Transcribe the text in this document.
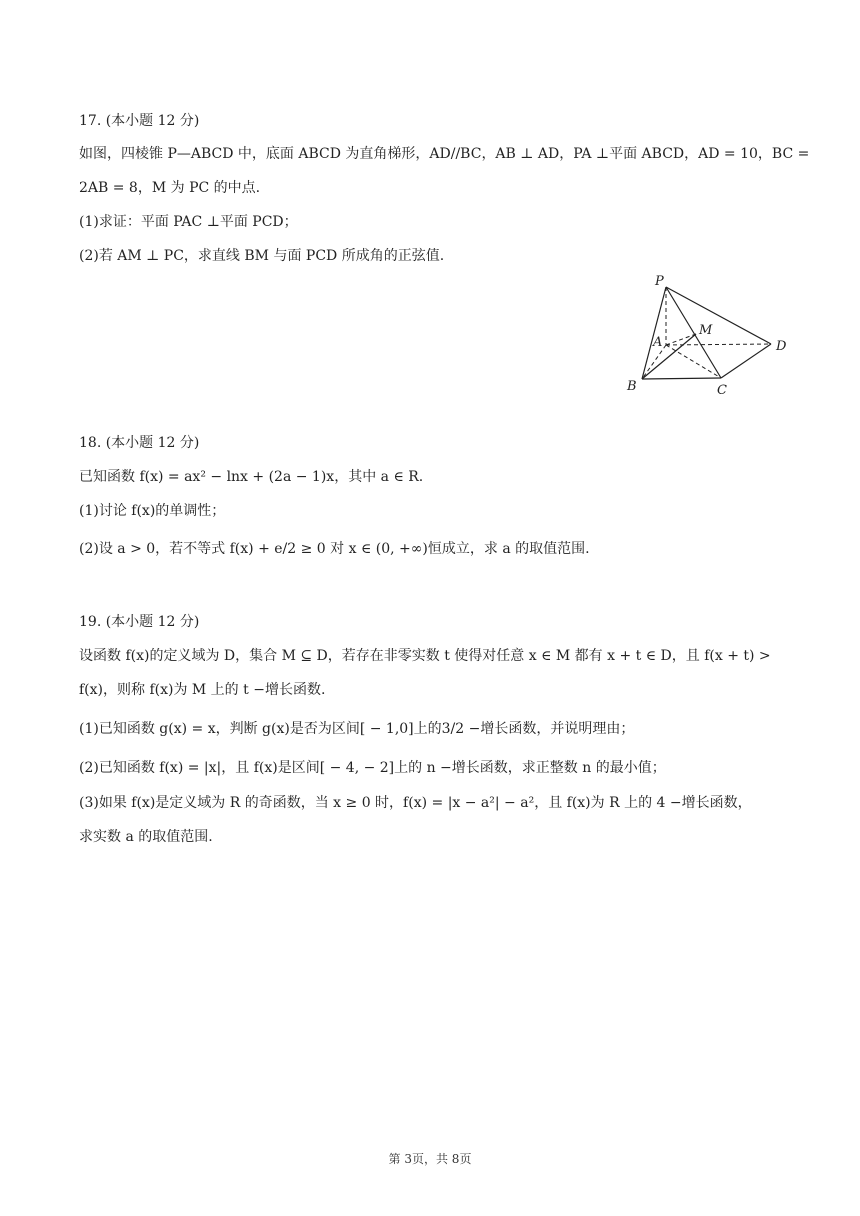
17. (本小题 12 分)
如图，四棱锥 P—ABCD 中，底面 ABCD 为直角梯形，AD//BC，AB ⊥ AD，PA ⊥平面 ABCD，AD = 10，BC =
2AB = 8，M 为 PC 的中点.
(1)求证：平面 PAC ⊥平面 PCD；
(2)若 AM ⊥ PC，求直线 BM 与面 PCD 所成角的正弦值.
P
A
M
D
B	C
18. (本小题 12 分)
已知函数 f(x) = ax² − lnx + (2a − 1)x，其中 a ∈ R.
(1)讨论 f(x)的单调性；
(2)设 a > 0，若不等式 f(x) + e/2 ≥ 0 对 x ∈ (0, +∞)恒成立，求 a 的取值范围.
19. (本小题 12 分)
设函数 f(x)的定义域为 D，集合 M ⊆ D，若存在非零实数 t 使得对任意 x ∈ M 都有 x + t ∈ D，且 f(x + t) >
f(x)，则称 f(x)为 M 上的 t −增长函数.
(1)已知函数 g(x) = x，判断 g(x)是否为区间[ − 1,0]上的3/2 −增长函数，并说明理由；
(2)已知函数 f(x) = |x|，且 f(x)是区间[ − 4, − 2]上的 n −增长函数，求正整数 n 的最小值；
(3)如果 f(x)是定义域为 R 的奇函数，当 x ≥ 0 时，f(x) = |x − a²| − a²，且 f(x)为 R 上的 4 −增长函数，
求实数 a 的取值范围.
第 3页，共 8页
